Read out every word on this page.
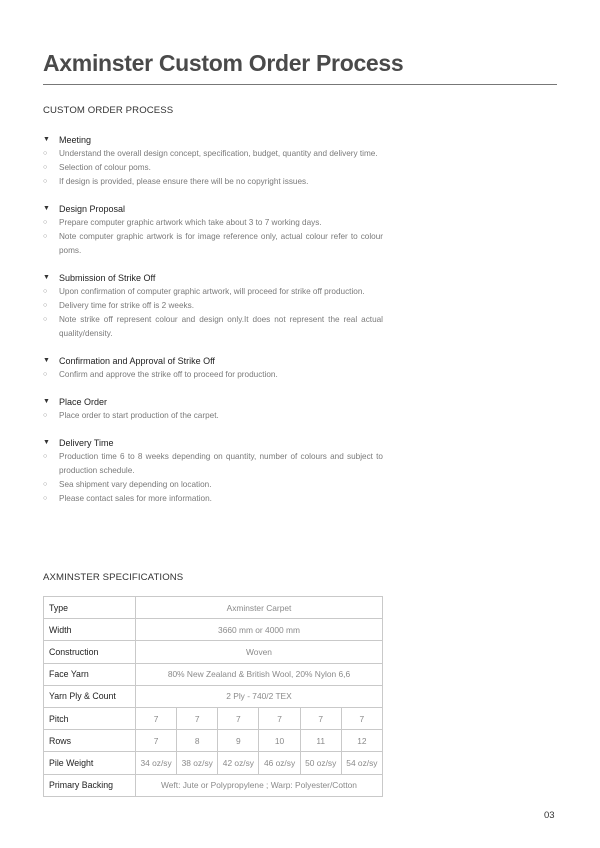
Axminster Custom Order Process
CUSTOM ORDER PROCESS
▼	Meeting
○	Understand the overall design concept, specification, budget, quantity and delivery time.
○	Selection of colour poms.
○	If design is provided, please ensure there will be no copyright issues.
▼	Design Proposal
○	Prepare computer graphic artwork which take about 3 to 7 working days.
○	Note computer graphic artwork is for image reference only, actual colour refer to colour poms.
▼	Submission of Strike Off
○	Upon confirmation of computer graphic artwork, will proceed for strike off production.
○	Delivery time for strike off is 2 weeks.
○	Note strike off represent colour and design only.It does not represent the real actual quality/density.
▼	Confirmation and Approval of Strike Off
○	Confirm and approve the strike off to proceed for production.
▼	Place Order
○	Place order to start production of the carpet.
▼	Delivery Time
○	Production time 6 to 8 weeks depending on quantity, number of colours and subject to production schedule.
○	Sea shipment vary depending on location.
○	Please contact sales for more information.
AXMINSTER SPECIFICATIONS
Type	Axminster Carpet					
Width	3660 mm or 4000 mm					
Construction	Woven					
Face Yarn	80% New Zealand & British Wool, 20% Nylon 6,6					
Yarn Ply & Count	2 Ply - 740/2 TEX					
Pitch	7	7	7	7	7	7
Rows	7	8	9	10	11	12
Pile Weight	34 oz/sy	38 oz/sy	42 oz/sy	46 oz/sy	50 oz/sy	54 oz/sy
Primary Backing	Weft: Jute or Polypropylene ; Warp: Polyester/Cotton					
03
